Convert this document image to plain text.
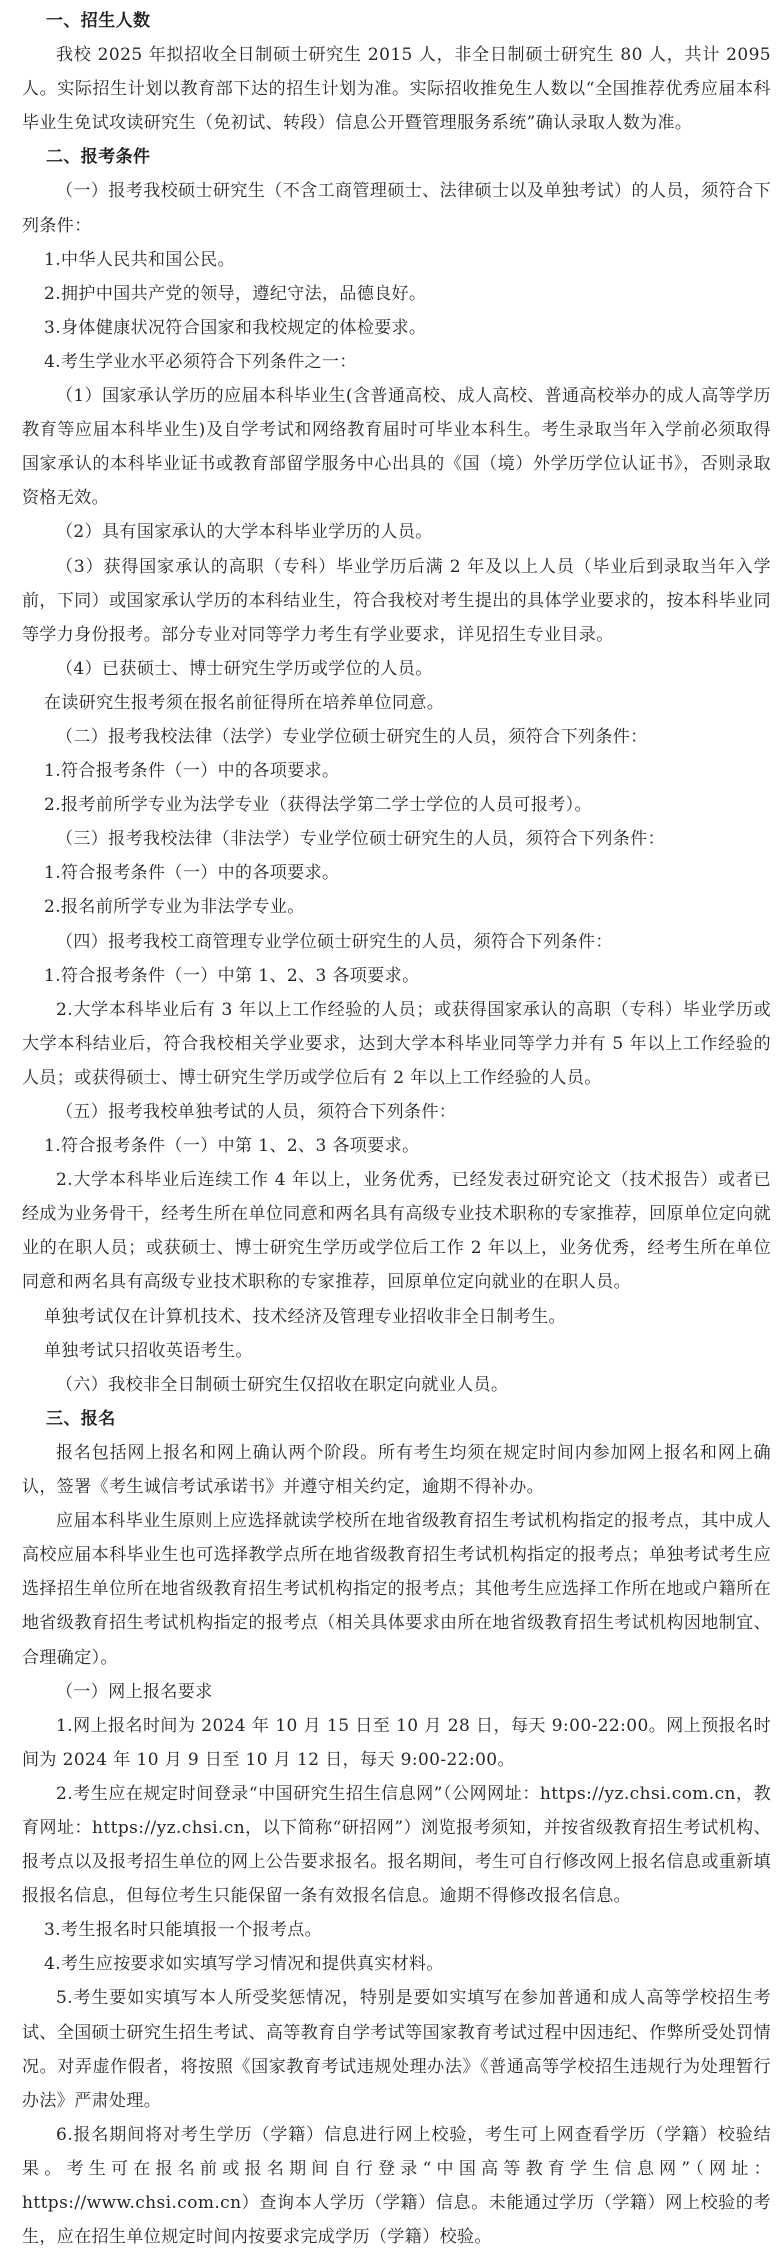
一、招生人数

我校 2025 年拟招收全日制硕士研究生 2015 人，非全日制硕士研究生 80 人，共计 2095 人。实际招生计划以教育部下达的招生计划为准。实际招收推免生人数以“全国推荐优秀应届本科毕业生免试攻读研究生（免初试、转段）信息公开暨管理服务系统”确认录取人数为准。

二、报考条件

（一）报考我校硕士研究生（不含工商管理硕士、法律硕士以及单独考试）的人员，须符合下列条件：

1.中华人民共和国公民。

2.拥护中国共产党的领导，遵纪守法，品德良好。

3.身体健康状况符合国家和我校规定的体检要求。

4.考生学业水平必须符合下列条件之一：

（1）国家承认学历的应届本科毕业生(含普通高校、成人高校、普通高校举办的成人高等学历教育等应届本科毕业生)及自学考试和网络教育届时可毕业本科生。考生录取当年入学前必须取得国家承认的本科毕业证书或教育部留学服务中心出具的《国（境）外学历学位认证书》，否则录取资格无效。

（2）具有国家承认的大学本科毕业学历的人员。

（3）获得国家承认的高职（专科）毕业学历后满 2 年及以上人员（毕业后到录取当年入学前，下同）或国家承认学历的本科结业生，符合我校对考生提出的具体学业要求的，按本科毕业同等学力身份报考。部分专业对同等学力考生有学业要求，详见招生专业目录。

（4）已获硕士、博士研究生学历或学位的人员。

在读研究生报考须在报名前征得所在培养单位同意。

（二）报考我校法律（法学）专业学位硕士研究生的人员，须符合下列条件：

1.符合报考条件（一）中的各项要求。

2.报考前所学专业为法学专业（获得法学第二学士学位的人员可报考）。

（三）报考我校法律（非法学）专业学位硕士研究生的人员，须符合下列条件：

1.符合报考条件（一）中的各项要求。

2.报名前所学专业为非法学专业。

（四）报考我校工商管理专业学位硕士研究生的人员，须符合下列条件：

1.符合报考条件（一）中第 1、2、3 各项要求。

2.大学本科毕业后有 3 年以上工作经验的人员；或获得国家承认的高职（专科）毕业学历或大学本科结业后，符合我校相关学业要求，达到大学本科毕业同等学力并有 5 年以上工作经验的人员；或获得硕士、博士研究生学历或学位后有 2 年以上工作经验的人员。

（五）报考我校单独考试的人员，须符合下列条件：

1.符合报考条件（一）中第 1、2、3 各项要求。

2.大学本科毕业后连续工作 4 年以上，业务优秀，已经发表过研究论文（技术报告）或者已经成为业务骨干，经考生所在单位同意和两名具有高级专业技术职称的专家推荐，回原单位定向就业的在职人员；或获硕士、博士研究生学历或学位后工作 2 年以上，业务优秀，经考生所在单位同意和两名具有高级专业技术职称的专家推荐，回原单位定向就业的在职人员。

单独考试仅在计算机技术、技术经济及管理专业招收非全日制考生。

单独考试只招收英语考生。

（六）我校非全日制硕士研究生仅招收在职定向就业人员。

三、报名

报名包括网上报名和网上确认两个阶段。所有考生均须在规定时间内参加网上报名和网上确认，签署《考生诚信考试承诺书》并遵守相关约定，逾期不得补办。

应届本科毕业生原则上应选择就读学校所在地省级教育招生考试机构指定的报考点，其中成人高校应届本科毕业生也可选择教学点所在地省级教育招生考试机构指定的报考点；单独考试考生应选择招生单位所在地省级教育招生考试机构指定的报考点；其他考生应选择工作所在地或户籍所在地省级教育招生考试机构指定的报考点（相关具体要求由所在地省级教育招生考试机构因地制宜、合理确定）。

（一）网上报名要求

1.网上报名时间为 2024 年 10 月 15 日至 10 月 28 日，每天 9:00-22:00。网上预报名时间为 2024 年 10 月 9 日至 10 月 12 日，每天 9:00-22:00。

2.考生应在规定时间登录“中国研究生招生信息网”（公网网址：https://yz.chsi.com.cn，教育网址：https://yz.chsi.cn，以下简称“研招网”）浏览报考须知，并按省级教育招生考试机构、报考点以及报考招生单位的网上公告要求报名。报名期间，考生可自行修改网上报名信息或重新填报报名信息，但每位考生只能保留一条有效报名信息。逾期不得修改报名信息。

3.考生报名时只能填报一个报考点。

4.考生应按要求如实填写学习情况和提供真实材料。

5.考生要如实填写本人所受奖惩情况，特别是要如实填写在参加普通和成人高等学校招生考试、全国硕士研究生招生考试、高等教育自学考试等国家教育考试过程中因违纪、作弊所受处罚情况。对弄虚作假者，将按照《国家教育考试违规处理办法》《普通高等学校招生违规行为处理暂行办法》严肃处理。

6.报名期间将对考生学历（学籍）信息进行网上校验，考生可上网查看学历（学籍）校验结果。考生可在报名前或报名期间自行登录“中国高等教育学生信息网”（网址：https://www.chsi.com.cn）查询本人学历（学籍）信息。未能通过学历（学籍）网上校验的考生，应在招生单位规定时间内按要求完成学历（学籍）校验。
